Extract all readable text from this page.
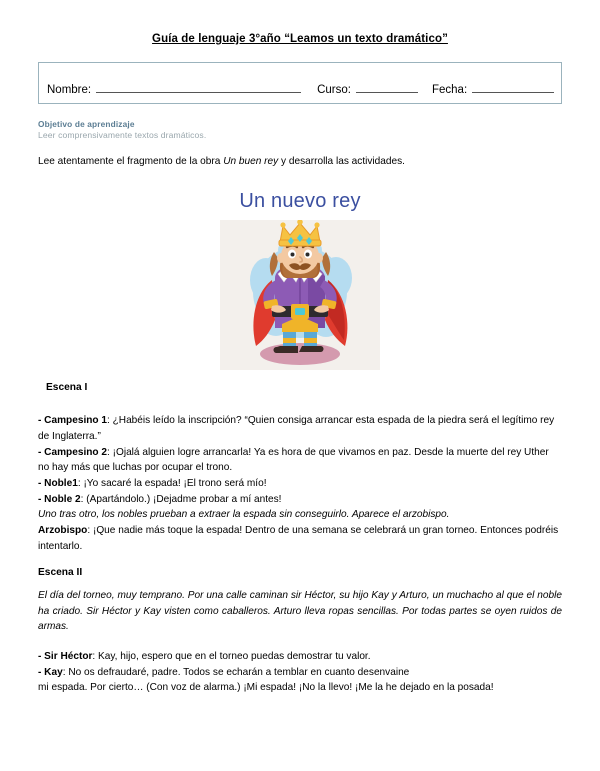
Guía de lenguaje 3°año “Leamos un texto dramático”
Nombre:	Curso:	Fecha:
Objetivo de aprendizaje
Leer comprensivamente textos dramáticos.

Lee atentamente el fragmento de la obra Un buen rey y desarrolla las actividades.

Un nuevo rey
Escena I

- Campesino 1: ¿Habéis leído la inscripción? “Quien consiga arrancar esta espada de la piedra será el legítimo rey de Inglaterra.”

- Campesino 2: ¡Ojalá alguien logre arrancarla! Ya es hora de que vivamos en paz. Desde la muerte del rey Uther no hay más que luchas por ocupar el trono.

- Noble1: ¡Yo sacaré la espada! ¡El trono será mío!

- Noble 2: (Apartándolo.) ¡Dejadme probar a mí antes!

Uno tras otro, los nobles prueban a extraer la espada sin conseguirlo. Aparece el arzobispo.

Arzobispo: ¡Que nadie más toque la espada! Dentro de una semana se celebrará un gran torneo. Entonces podréis intentarlo.

Escena II

El día del torneo, muy temprano. Por una calle caminan sir Héctor, su hijo Kay y Arturo, un muchacho al que el noble ha criado. Sir Héctor y Kay visten como caballeros. Arturo lleva ropas sencillas. Por todas partes se oyen ruidos de armas.

- Sir Héctor: Kay, hijo, espero que en el torneo puedas demostrar tu valor.

- Kay: No os defraudaré, padre. Todos se echarán a temblar en cuanto desenvaine

mi espada. Por cierto… (Con voz de alarma.) ¡Mi espada! ¡No la llevo! ¡Me la he dejado en la posada!
